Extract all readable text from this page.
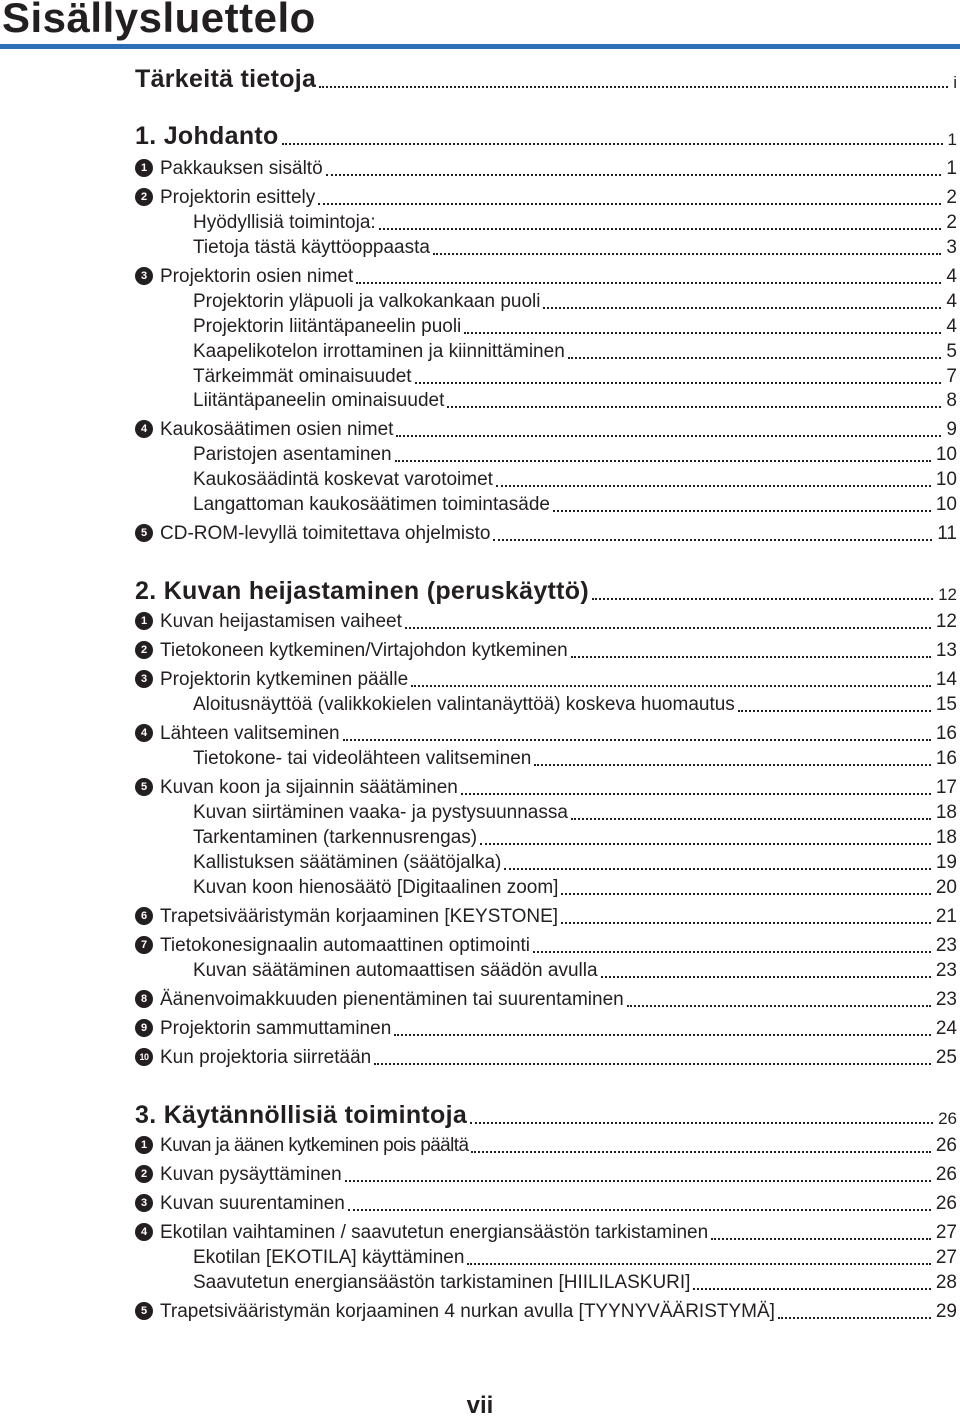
Sisällysluettelo
Tärkeitä tietoja	i
1. Johdanto	1
1 Pakkauksen sisältö	1
2 Projektorin esittely	2
Hyödyllisiä toimintoja:	2
Tietoja tästä käyttöoppaasta	3
3 Projektorin osien nimet	4
Projektorin yläpuoli ja valkokankaan puoli	4
Projektorin liitäntäpaneelin puoli	4
Kaapelikotelon irrottaminen ja kiinnittäminen	5
Tärkeimmät ominaisuudet	7
Liitäntäpaneelin ominaisuudet	8
4 Kaukosäätimen osien nimet	9
Paristojen asentaminen	10
Kaukosäädintä koskevat varotoimet	10
Langattoman kaukosäätimen toimintasäde	10
5 CD-ROM-levyllä toimitettava ohjelmisto	11
2. Kuvan heijastaminen (peruskäyttö)	12
1 Kuvan heijastamisen vaiheet	12
2 Tietokoneen kytkeminen/Virtajohdon kytkeminen	13
3 Projektorin kytkeminen päälle	14
Aloitusnäyttöä (valikkokielen valintanäyttöä) koskeva huomautus	15
4 Lähteen valitseminen	16
Tietokone- tai videolähteen valitseminen	16
5 Kuvan koon ja sijainnin säätäminen	17
Kuvan siirtäminen vaaka- ja pystysuunnassa	18
Tarkentaminen (tarkennusrengas)	18
Kallistuksen säätäminen (säätöjalka)	19
Kuvan koon hienosäätö [Digitaalinen zoom]	20
6 Trapetsivääristymän korjaaminen [KEYSTONE]	21
7 Tietokonesignaalin automaattinen optimointi	23
Kuvan säätäminen automaattisen säädön avulla	23
8 Äänenvoimakkuuden pienentäminen tai suurentaminen	23
9 Projektorin sammuttaminen	24
10 Kun projektoria siirretään	25
3. Käytännöllisiä toimintoja	26
1 Kuvan ja äänen kytkeminen pois päältä	26
2 Kuvan pysäyttäminen	26
3 Kuvan suurentaminen	26
4 Ekotilan vaihtaminen / saavutetun energiansäästön tarkistaminen	27
Ekotilan [EKOTILA] käyttäminen	27
Saavutetun energiansäästön tarkistaminen [HIILILASKURI]	28
5 Trapetsivääristymän korjaaminen 4 nurkan avulla [TYYNYVÄÄRISTYMÄ]	29
vii
